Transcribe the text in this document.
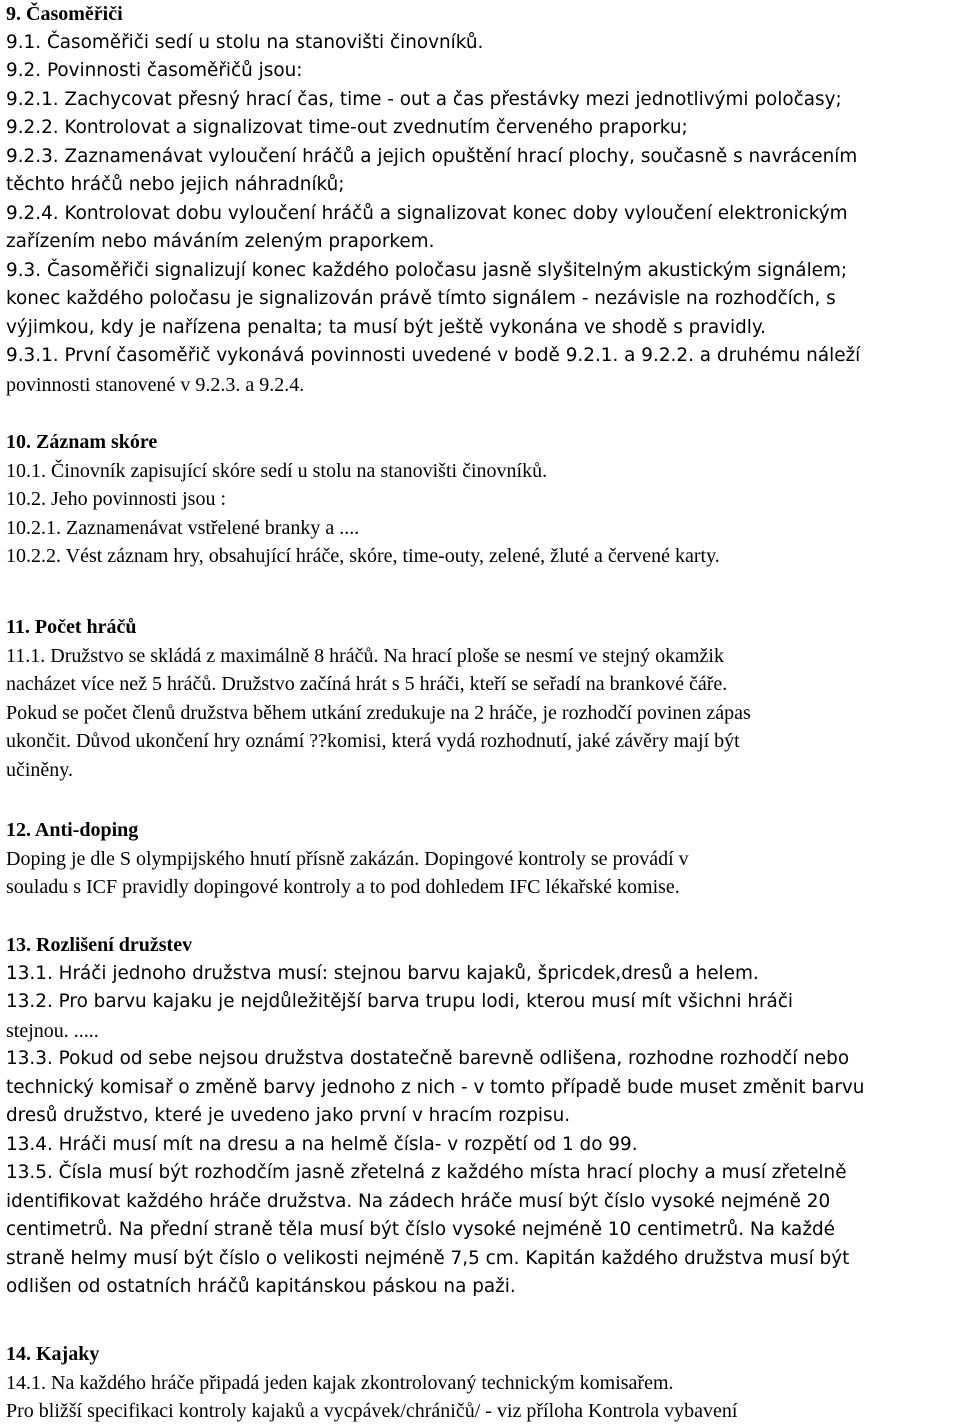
9. Časoměřiči
9.1. Časoměřiči sedí u stolu na stanovišti činovníků.
9.2. Povinnosti časoměřičů jsou:
9.2.1. Zachycovat přesný hrací čas, time - out a čas přestávky mezi jednotlivými poločasy;
9.2.2. Kontrolovat a signalizovat time-out zvednutím červeného praporku;
9.2.3. Zaznamenávat vyloučení hráčů a jejich opuštění hrací plochy, současně s navrácením
těchto hráčů nebo jejich náhradníků;
9.2.4. Kontrolovat dobu vyloučení hráčů a signalizovat konec doby vyloučení elektronickým
zařízením nebo máváním zeleným praporkem.
9.3. Časoměřiči signalizují konec každého poločasu jasně slyšitelným akustickým signálem;
konec každého poločasu je signalizován právě tímto signálem - nezávisle na rozhodčích, s
výjimkou, kdy je nařízena penalta; ta musí být ještě vykonána ve shodě s pravidly.
9.3.1. První časoměřič vykonává povinnosti uvedené v bodě 9.2.1. a 9.2.2. a druhému náleží
povinnosti stanovené v 9.2.3. a 9.2.4.
10. Záznam skóre
10.1. Činovník zapisující skóre sedí u stolu na stanovišti činovníků.
10.2. Jeho povinnosti jsou :
10.2.1. Zaznamenávat vstřelené branky a ....
10.2.2. Vést záznam hry, obsahující hráče, skóre, time-outy, zelené, žluté a červené karty.
11. Počet hráčů
11.1. Družstvo se skládá z maximálně 8 hráčů. Na hrací ploše se nesmí ve stejný okamžik
nacházet více než 5 hráčů. Družstvo začíná hrát s 5 hráči, kteří se seřadí na brankové čáře.
Pokud se počet členů družstva během utkání zredukuje na 2 hráče, je rozhodčí povinen zápas
ukončit. Důvod ukončení hry oznámí ??komisi, která vydá rozhodnutí, jaké závěry mají být
učiněny.
12. Anti-doping
Doping je dle S olympijského hnutí přísně zakázán. Dopingové kontroly se provádí v
souladu s ICF pravidly dopingové kontroly a to pod dohledem IFC lékařské komise.
13. Rozlišení družstev
13.1. Hráči jednoho družstva musí: stejnou barvu kajaků, špricdek,dresů a helem.
13.2. Pro barvu kajaku je nejdůležitější barva trupu lodi, kterou musí mít všichni hráči
stejnou. .....
13.3. Pokud od sebe nejsou družstva dostatečně barevně odlišena, rozhodne rozhodčí nebo
technický komisař o změně barvy jednoho z nich - v tomto případě bude muset změnit barvu
dresů družstvo, které je uvedeno jako první v hracím rozpisu.
13.4. Hráči musí mít na dresu a na helmě čísla- v rozpětí od 1 do 99.
13.5. Čísla musí být rozhodčím jasně zřetelná z každého místa hrací plochy a musí zřetelně
identifikovat každého hráče družstva. Na zádech hráče musí být číslo vysoké nejméně 20
centimetrů. Na přední straně těla musí být číslo vysoké nejméně 10 centimetrů. Na každé
straně helmy musí být číslo o velikosti nejméně 7,5 cm. Kapitán každého družstva musí být
odlišen od ostatních hráčů kapitánskou páskou na paži.
14. Kajaky
14.1. Na každého hráče připadá jeden kajak zkontrolovaný technickým komisařem.
Pro bližší specifikaci kontroly kajaků a vycpávek/chráničů/ - viz příloha Kontrola vybavení
